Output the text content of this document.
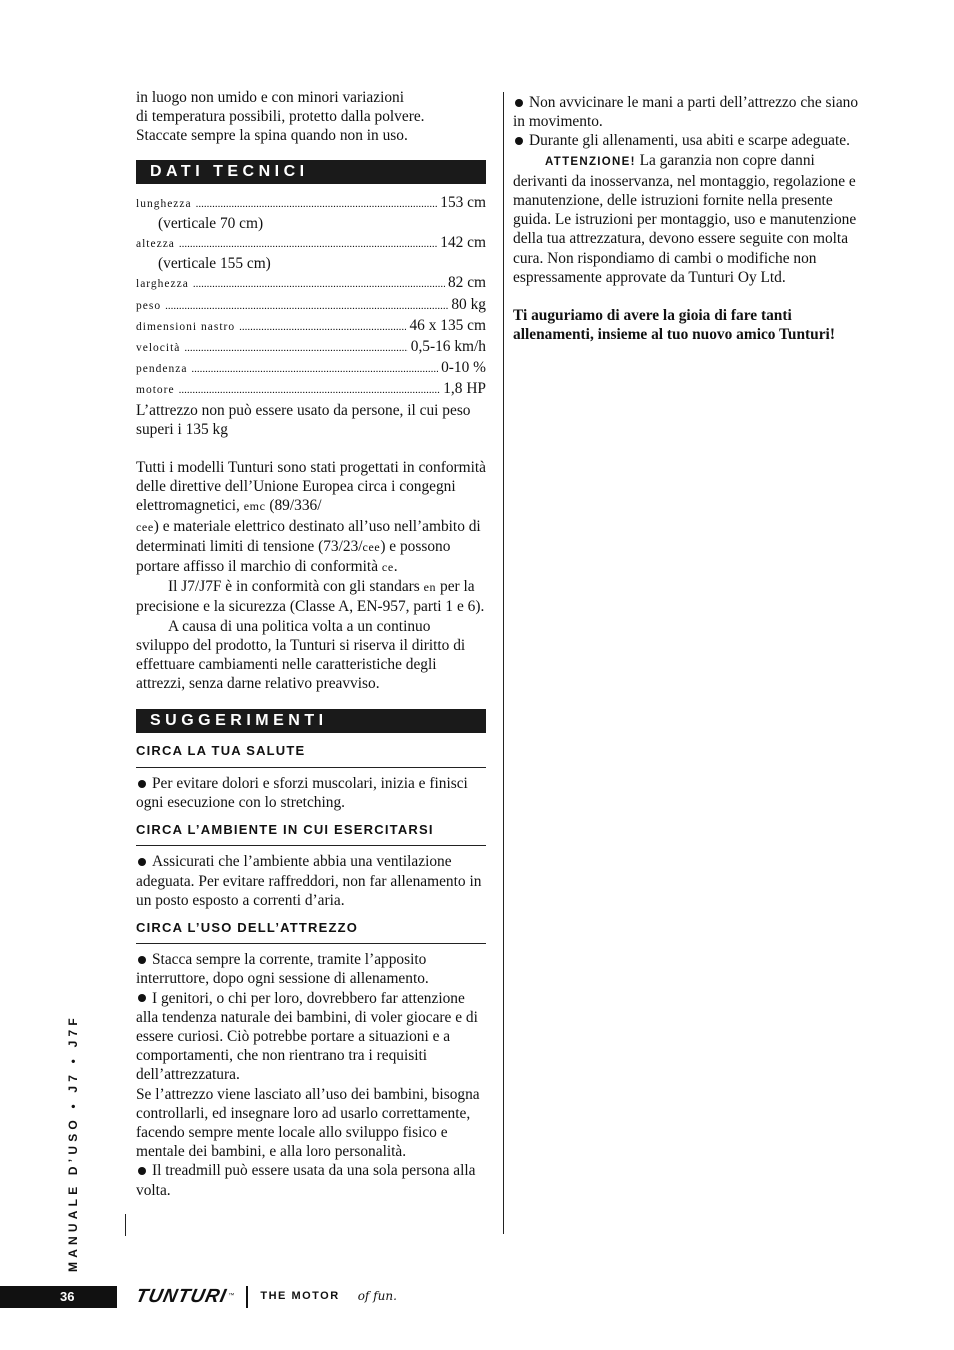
in luogo non umido e con minori variazioni

di temperatura possibili, protetto dalla polvere.

Staccate sempre la spina quando non in uso.

DATI TECNICI
lunghezza .....	153 cm

(verticale 70 cm)

altezza .....	142 cm

(verticale 155 cm)

larghezza .....	82 cm
peso .....	80 kg
dimensioni nastro .....	46 x 135 cm
velocità .....	0,5-16 km/h
pendenza .....	0-10 %
motore .....	1,8 HP

L’attrezzo non può essere usato da persone, il cui peso superi i 135 kg

Tutti i modelli Tunturi sono stati progettati in conformità delle direttive dell’Unione Europea circa i congegni elettromagnetici, emc (89/336/
cee) e materiale elettrico destinato all’uso nell’ambito di determinati limiti di tensione (73/23/cee) e possono portare affisso il marchio di conformità ce.

Il J7/J7F è in conformità con gli standars en per la precisione e la sicurezza (Classe A, EN-957, parti 1 e 6).

A causa di una politica volta a un continuo sviluppo del prodotto, la Tunturi si riserva il diritto di effettuare cambiamenti nelle caratteristiche degli attrezzi, senza darne relativo preavviso.

SUGGERIMENTI
CIRCA LA TUA SALUTE

Per evitare dolori e sforzi muscolari, inizia e finisci ogni esecuzione con lo stretching.

CIRCA L’AMBIENTE IN CUI ESERCITARSI

Assicurati che l’ambiente abbia una ventilazione adeguata. Per evitare raffreddori, non far allenamento in un posto esposto a correnti d’aria.

CIRCA L’USO DELL’ATTREZZO

Stacca sempre la corrente, tramite l’apposito interruttore, dopo ogni sessione di allenamento.

I genitori, o chi per loro, dovrebbero far attenzione alla tendenza naturale dei bambini, di voler giocare e di essere curiosi. Ciò potrebbe portare a situazioni e a comportamenti, che non rientrano tra i requisiti dell’attrezzatura.

Se l’attrezzo viene lasciato all’uso dei bambini, bisogna controllarli, ed insegnare loro ad usarlo correttamente, facendo sempre mente locale allo sviluppo fisico e mentale dei bambini, e alla loro personalità.

Il treadmill può essere usata da una sola persona alla volta.

Non avvicinare le mani a parti dell’attrezzo che siano in movimento.

Durante gli allenamenti, usa abiti e scarpe adeguate.

ATTENZIONE! La garanzia non copre danni derivanti da inosservanza, nel montaggio, regolazione e manutenzione, delle istruzioni fornite nella presente guida. Le istruzioni per montaggio, uso e manutenzione della tua attrezzatura, devono essere seguite con molta cura. Non rispondiamo di cambi o modifiche non espressamente approvate da Tunturi Oy Ltd.

Ti auguriamo di avere la gioia di fare tanti allenamenti, insieme al tuo nuovo amico Tunturi!

MANUALE D’USO • J7 • J7F
36	TUNTURI ™ THE MOTOR of fun.
